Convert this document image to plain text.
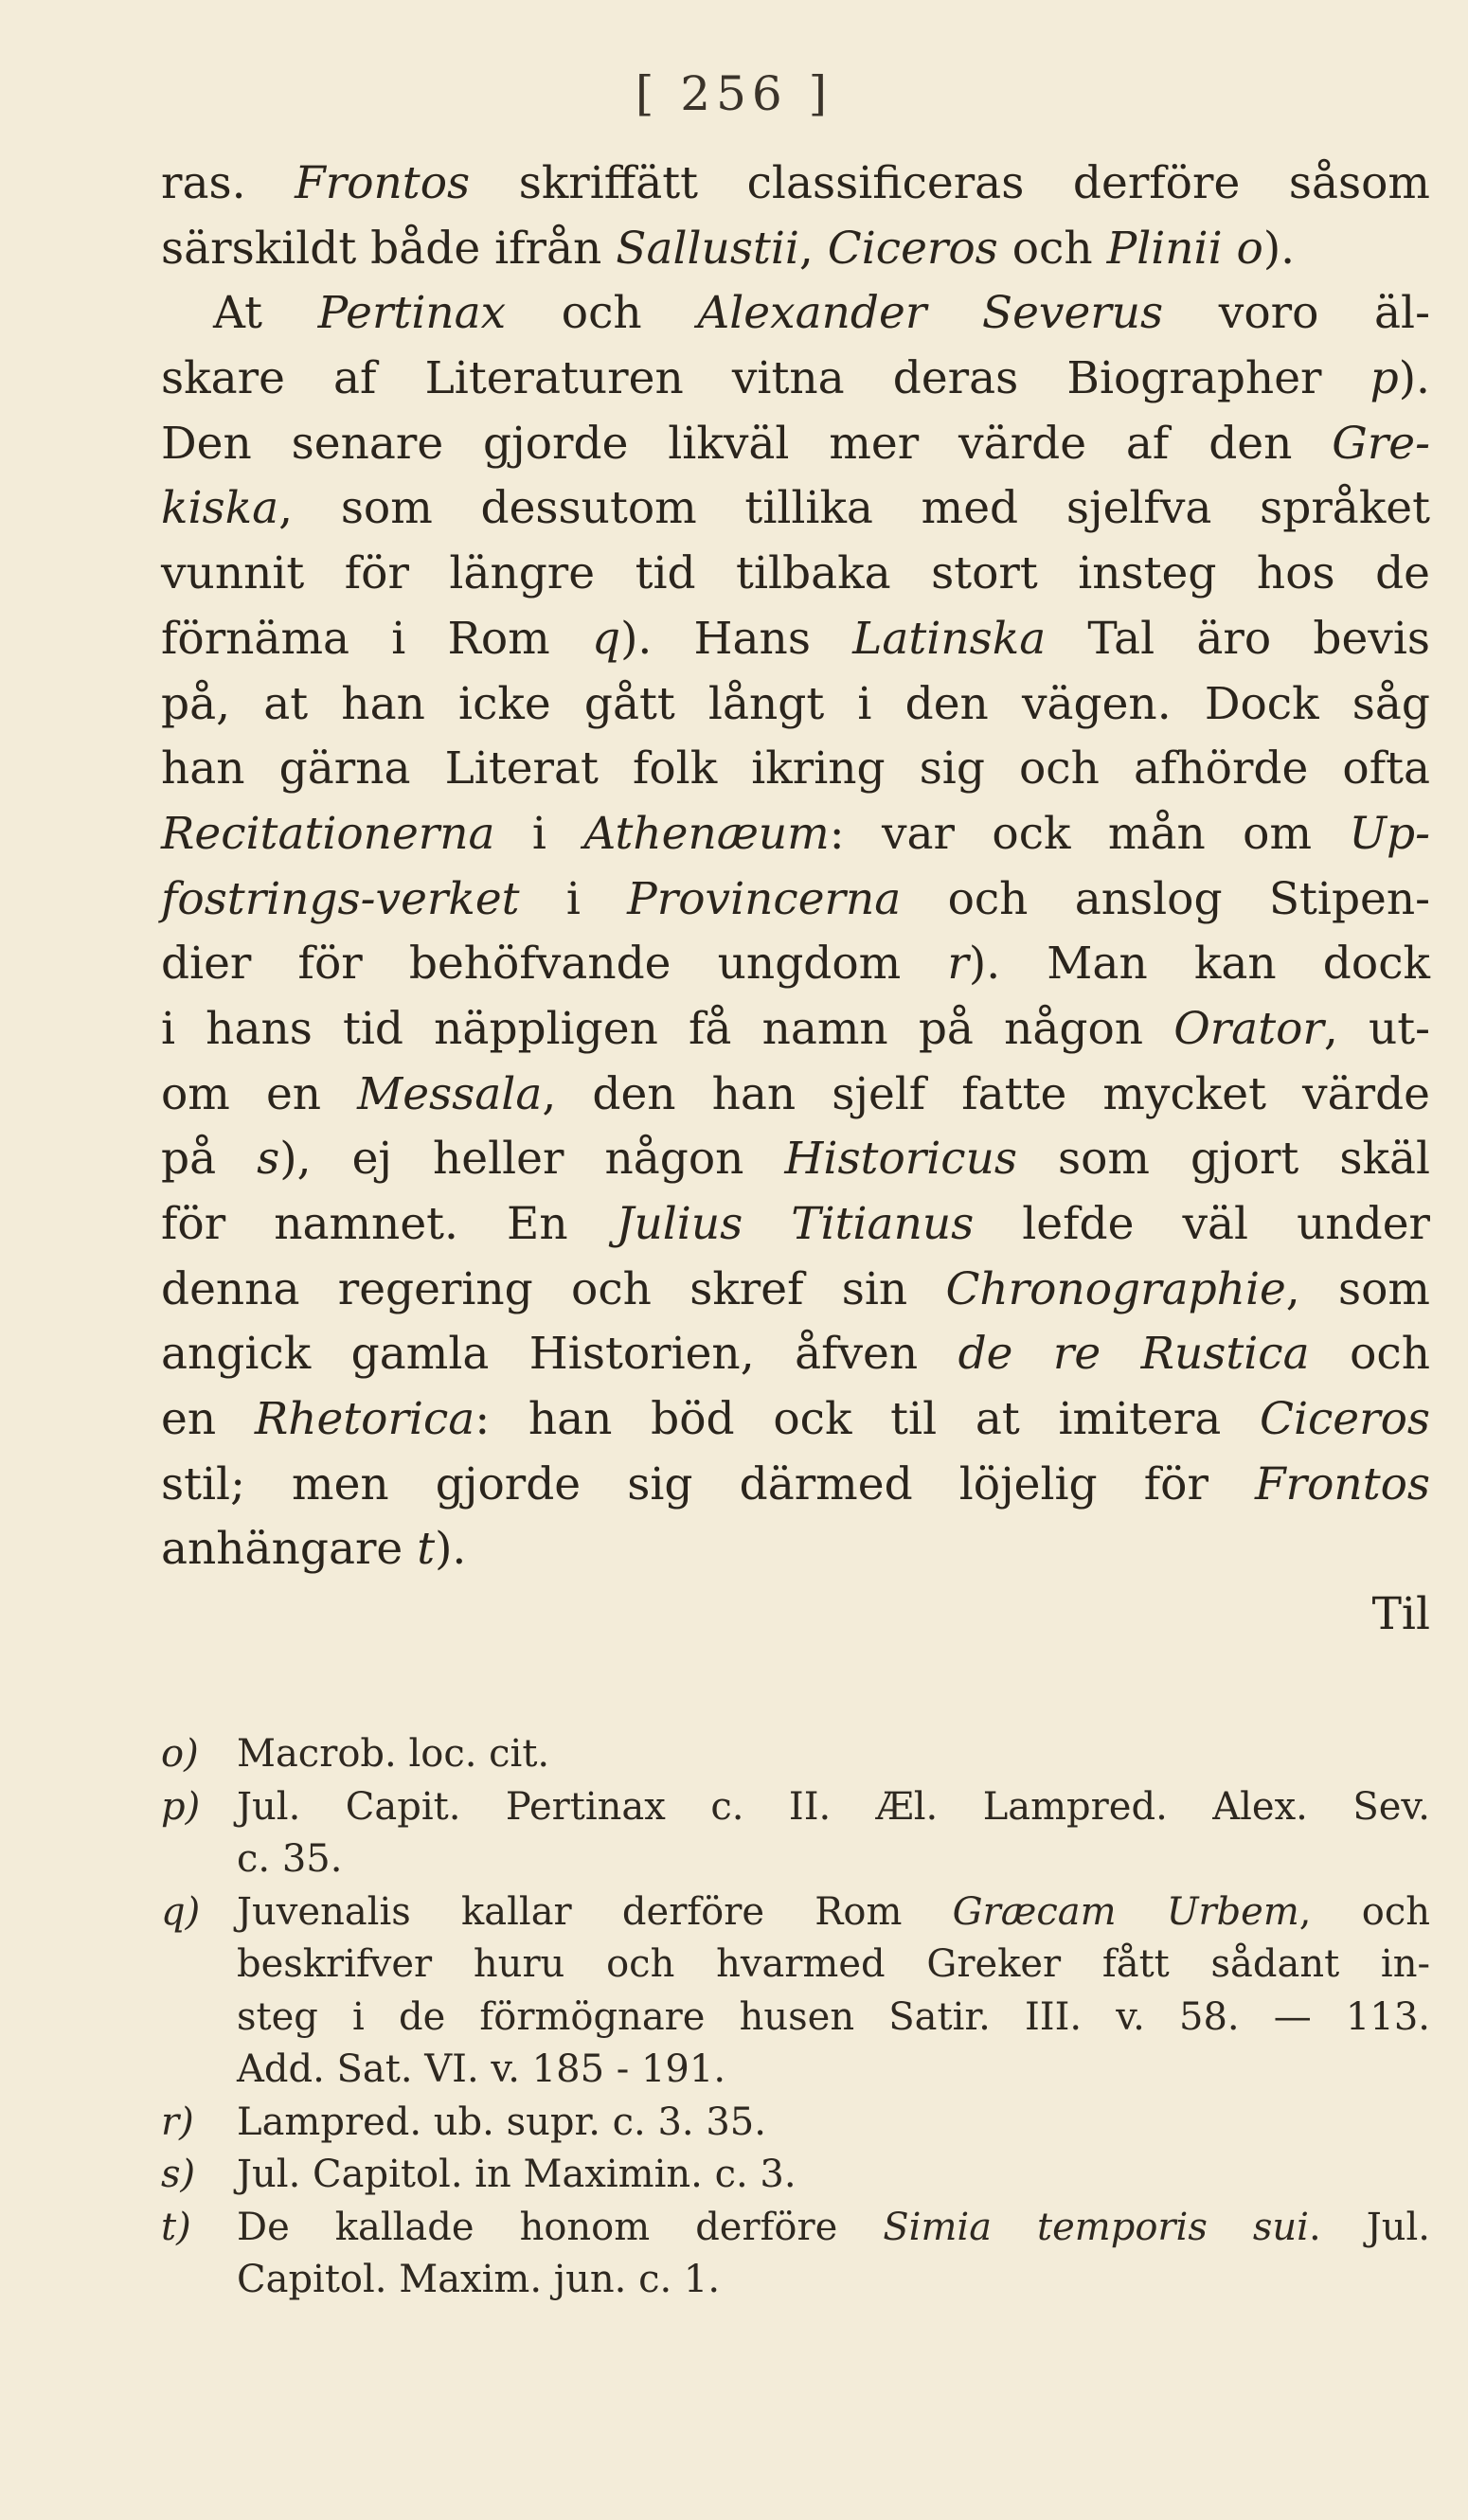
[ 256 ]
ras. Frontos skriffätt classificeras derföre såsom
särskildt både ifrån Sallustii, Ciceros och Plinii o).
At Pertinax och Alexander Severus voro äl-
skare af Literaturen vitna deras Biographer p).
Den senare gjorde likväl mer värde af den Gre-
kiska, som dessutom tillika med sjelfva språket
vunnit för längre tid tilbaka stort insteg hos de
förnäma i Rom q). Hans Latinska Tal äro bevis
på, at han icke gått långt i den vägen. Dock såg
han gärna Literat folk ikring sig och afhörde ofta
Recitationerna i Athenæum: var ock mån om Up-
fostrings-verket i Provincerna och anslog Stipen-
dier för behöfvande ungdom r). Man kan dock
i hans tid näppligen få namn på någon Orator, ut-
om en Messala, den han sjelf fatte mycket värde
på s), ej heller någon Historicus som gjort skäl
för namnet. En Julius Titianus lefde väl under
denna regering och skref sin Chronographie, som
angick gamla Historien, åfven de re Rustica och
en Rhetorica: han böd ock til at imitera Ciceros
stil; men gjorde sig därmed löjelig för Frontos
anhängare t).
Til
o) Macrob. loc. cit.
p) Jul. Capit. Pertinax c. II. Æl. Lampred. Alex. Sev.
c. 35.
q) Juvenalis kallar derföre Rom Græcam Urbem, och
beskrifver huru och hvarmed Greker fått sådant in-
steg i de förmögnare husen Satir. III. v. 58. — 113.
Add. Sat. VI. v. 185 - 191.
r) Lampred. ub. supr. c. 3. 35.
s) Jul. Capitol. in Maximin. c. 3.
t) De kallade honom derföre Simia temporis sui. Jul.
Capitol. Maxim. jun. c. 1.
